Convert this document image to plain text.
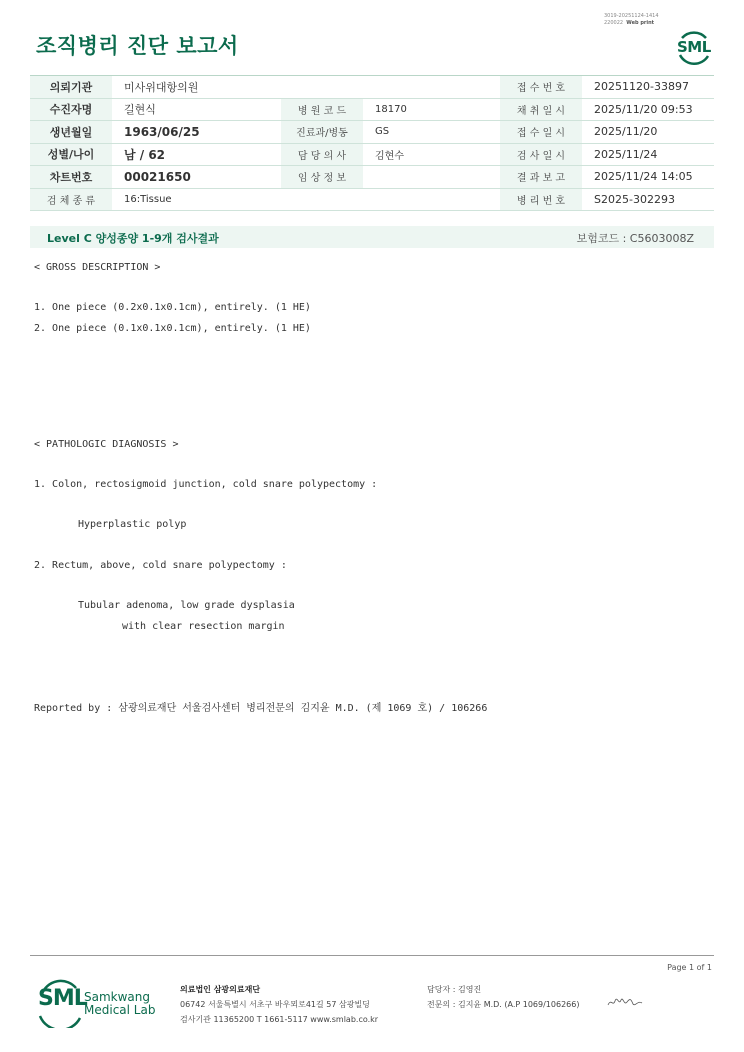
조직병리 진단 보고서
3019-20251124-1414
220022 Web print
SML
의뢰기관	미사위대항의원			접 수 번 호	20251120-33897
수진자명	길현식	병 원 코 드	18170	채 취 일 시	2025/11/20 09:53
생년월일	1963/06/25	진료과/병동	GS	접 수 일 시	2025/11/20
성별/나이	남 / 62	담 당 의 사	김현수	검 사 일 시	2025/11/24
차트번호	00021650	임 상 정 보		결 과 보 고	2025/11/24 14:05
검 체 종 류	16:Tissue			병 리 번 호	S2025-302293
Level C 양성종양 1-9개 검사결과	보험코드 : C5603008Z
< GROSS DESCRIPTION >
1. One piece (0.2x0.1x0.1cm), entirely. (1 HE)
2. One piece (0.1x0.1x0.1cm), entirely. (1 HE)
< PATHOLOGIC DIAGNOSIS >
1. Colon, rectosigmoid junction, cold snare polypectomy :
Hyperplastic polyp
2. Rectum, above, cold snare polypectomy :
Tubular adenoma, low grade dysplasia
with clear resection margin
Reported by : 삼광의료재단 서울검사센터 병리전문의 김지윤 M.D. (제 1069 호) / 106266
Page 1 of 1
SML
Samkwang
Medical Lab
의료법인 삼광의료재단
06742 서울특별시 서초구 바우뫼로41길 57 삼광빌딩
검사기관 11365200 T 1661-5117 www.smlab.co.kr
담당자 : 김영진
전문의 : 김지윤 M.D. (A.P 1069/106266)
